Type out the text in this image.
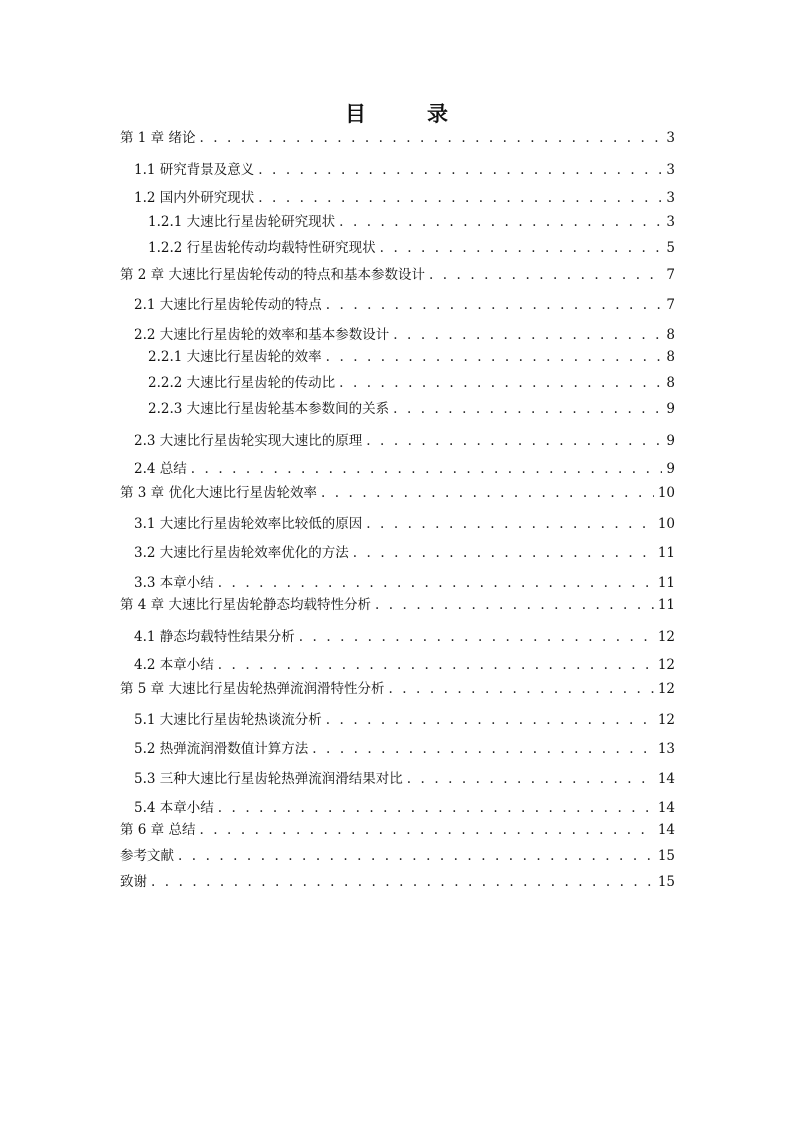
目　录
第 1 章 绪论 . . .	3
1.1 研究背景及意义 . . .	3
1.2 国内外研究现状 . . .	3
1.2.1 大速比行星齿轮研究现状 . . .	3
1.2.2 行星齿轮传动均载特性研究现状 . . .	5
第 2 章 大速比行星齿轮传动的特点和基本参数设计 . . .	7
2.1 大速比行星齿轮传动的特点 . . .	7
2.2 大速比行星齿轮的效率和基本参数设计 . . .	8
2.2.1 大速比行星齿轮的效率 . . .	8
2.2.2 大速比行星齿轮的传动比 . . .	8
2.2.3 大速比行星齿轮基本参数间的关系 . . .	9
2.3 大速比行星齿轮实现大速比的原理 . . .	9
2.4 总结 . . .	9
第 3 章 优化大速比行星齿轮效率 . . .	10
3.1 大速比行星齿轮效率比较低的原因 . . .	10
3.2 大速比行星齿轮效率优化的方法 . . .	11
3.3 本章小结 . . .	11
第 4 章 大速比行星齿轮静态均载特性分析 . . .	11
4.1 静态均载特性结果分析 . . .	12
4.2 本章小结 . . .	12
第 5 章 大速比行星齿轮热弹流润滑特性分析 . . .	12
5.1 大速比行星齿轮热谈流分析 . . .	12
5.2 热弹流润滑数值计算方法 . . .	13
5.3 三种大速比行星齿轮热弹流润滑结果对比 . . .	14
5.4 本章小结 . . .	14
第 6 章 总结 . . .	14
参考文献 . . .	15
致谢 . . .	15
